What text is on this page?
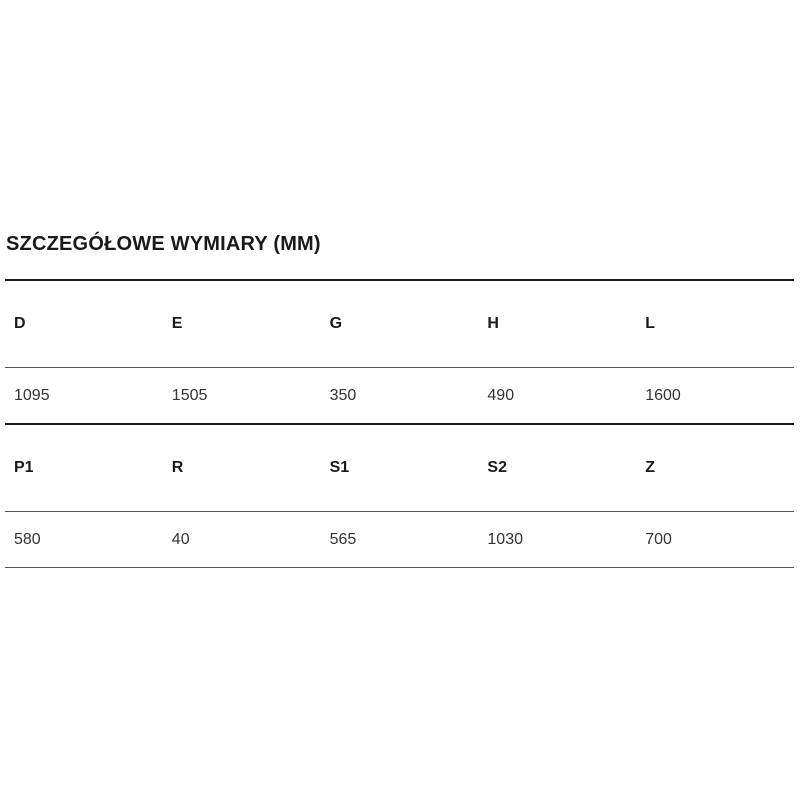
SZCZEGÓŁOWE WYMIARY (MM)
D	E	G	H	L
1095	1505	350	490	1600
P1	R	S1	S2	Z
580	40	565	1030	700
